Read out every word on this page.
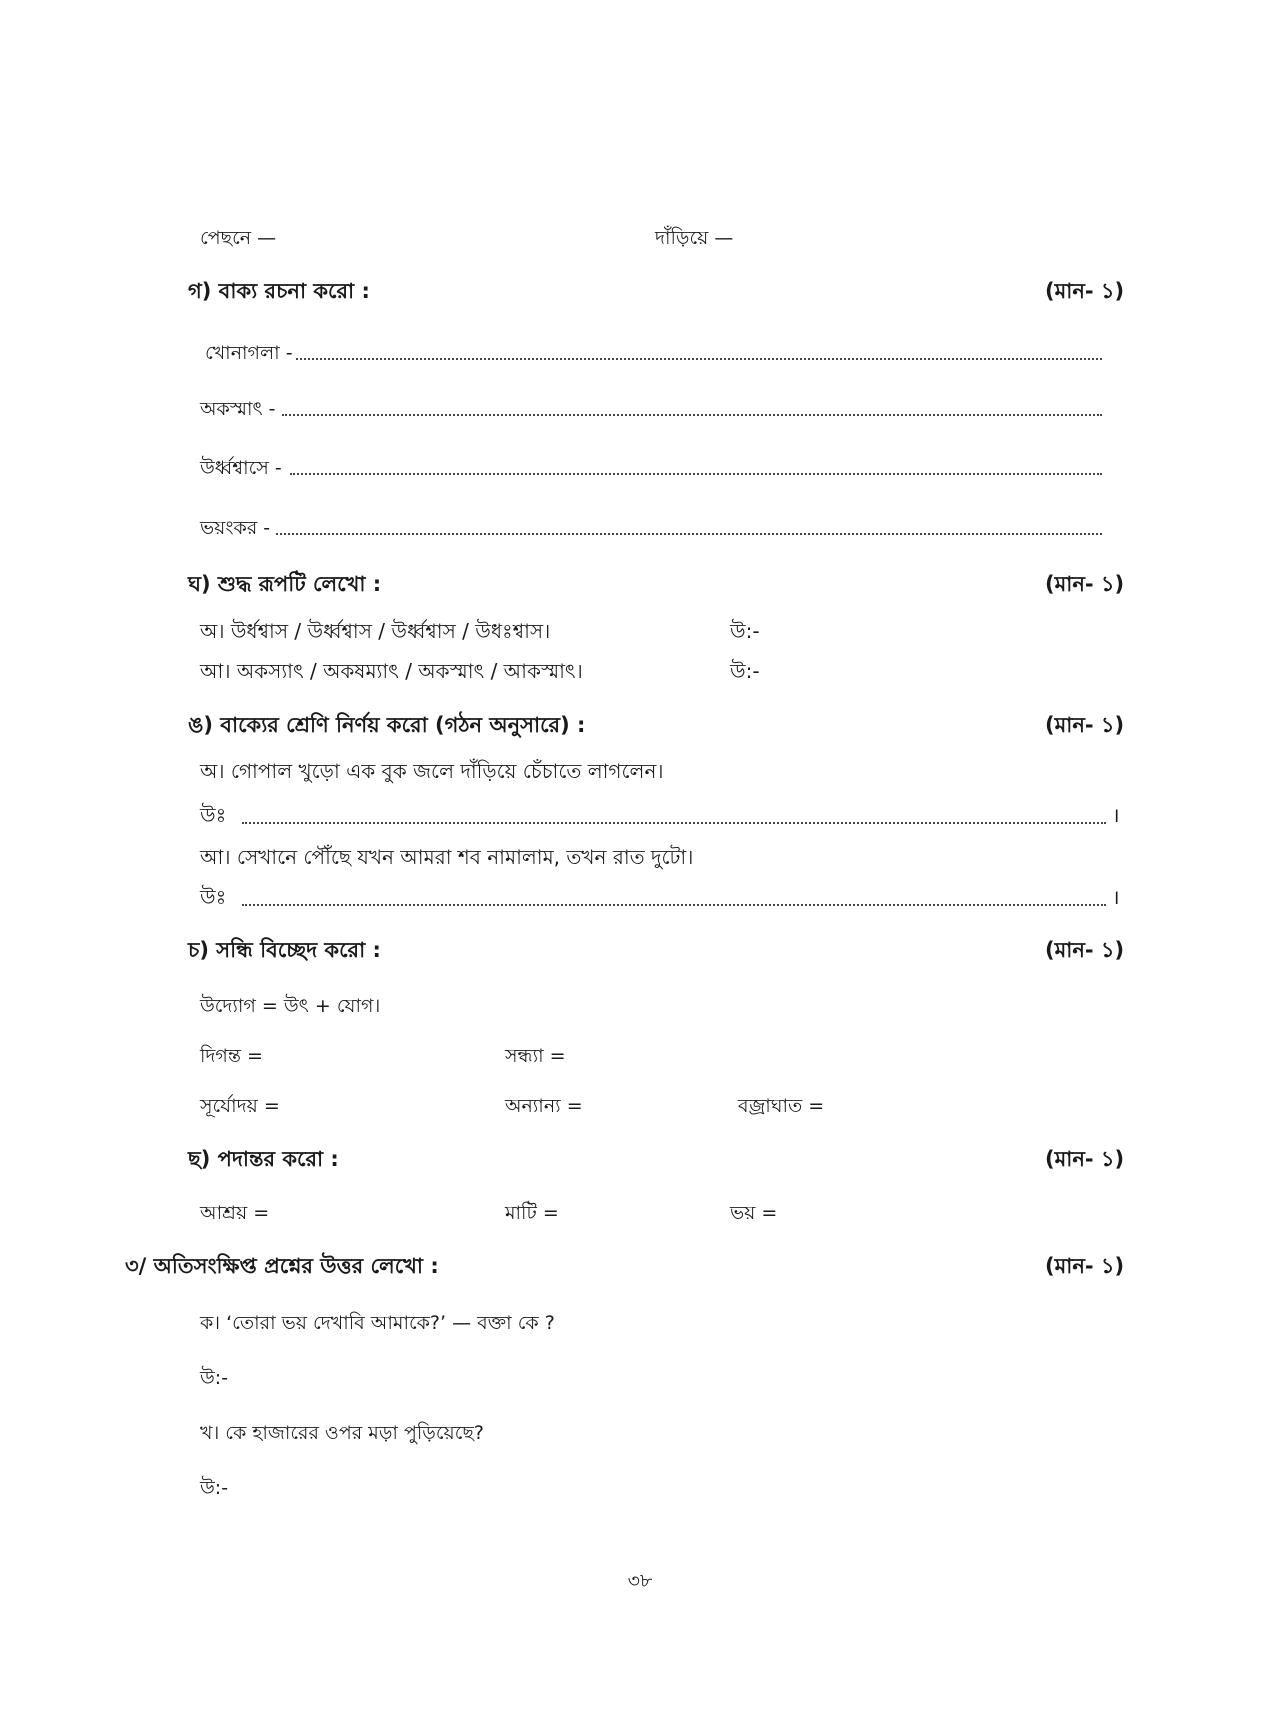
পেছনে —	দাঁড়িয়ে —
গ) বাক্য রচনা করো :	(মান- ১)
খোনাগলা -
অকস্মাৎ -
উর্ধ্বশ্বাসে -
ভয়ংকর -
ঘ) শুদ্ধ রূপটি লেখো :	(মান- ১)
অ। উর্ধশ্বাস / উর্ধ্বশ্বাস / উর্ধ্বশ্বাস / উধঃশ্বাস।	উ:-
আ। অকস্যাৎ / অকষম্যাৎ / অকস্মাৎ / আকস্মাৎ।	উ:-
ঙ) বাক্যের শ্রেণি নির্ণয় করো (গঠন অনুসারে) :	(মান- ১)
অ। গোপাল খুড়ো এক বুক জলে দাঁড়িয়ে চেঁচাতে লাগলেন।
উঃ	।
আ। সেখানে পৌঁছে যখন আমরা শব নামালাম, তখন রাত দুটো।
উঃ	।
চ) সন্ধি বিচ্ছেদ করো :	(মান- ১)
উদ্যোগ = উৎ + যোগ।
দিগন্ত =	সন্ধ্যা =
সূর্যোদয় =	অন্যান্য =	বজ্রাঘাত =
ছ) পদান্তর করো :	(মান- ১)
আশ্রয় =	মাটি =	ভয় =
৩/ অতিসংক্ষিপ্ত প্রশ্নের উত্তর লেখো :	(মান- ১)
ক। ‘তোরা ভয় দেখাবি আমাকে?’ — বক্তা কে ?
উ:-
খ। কে হাজারের ওপর মড়া পুড়িয়েছে?
উ:-
৩৮
